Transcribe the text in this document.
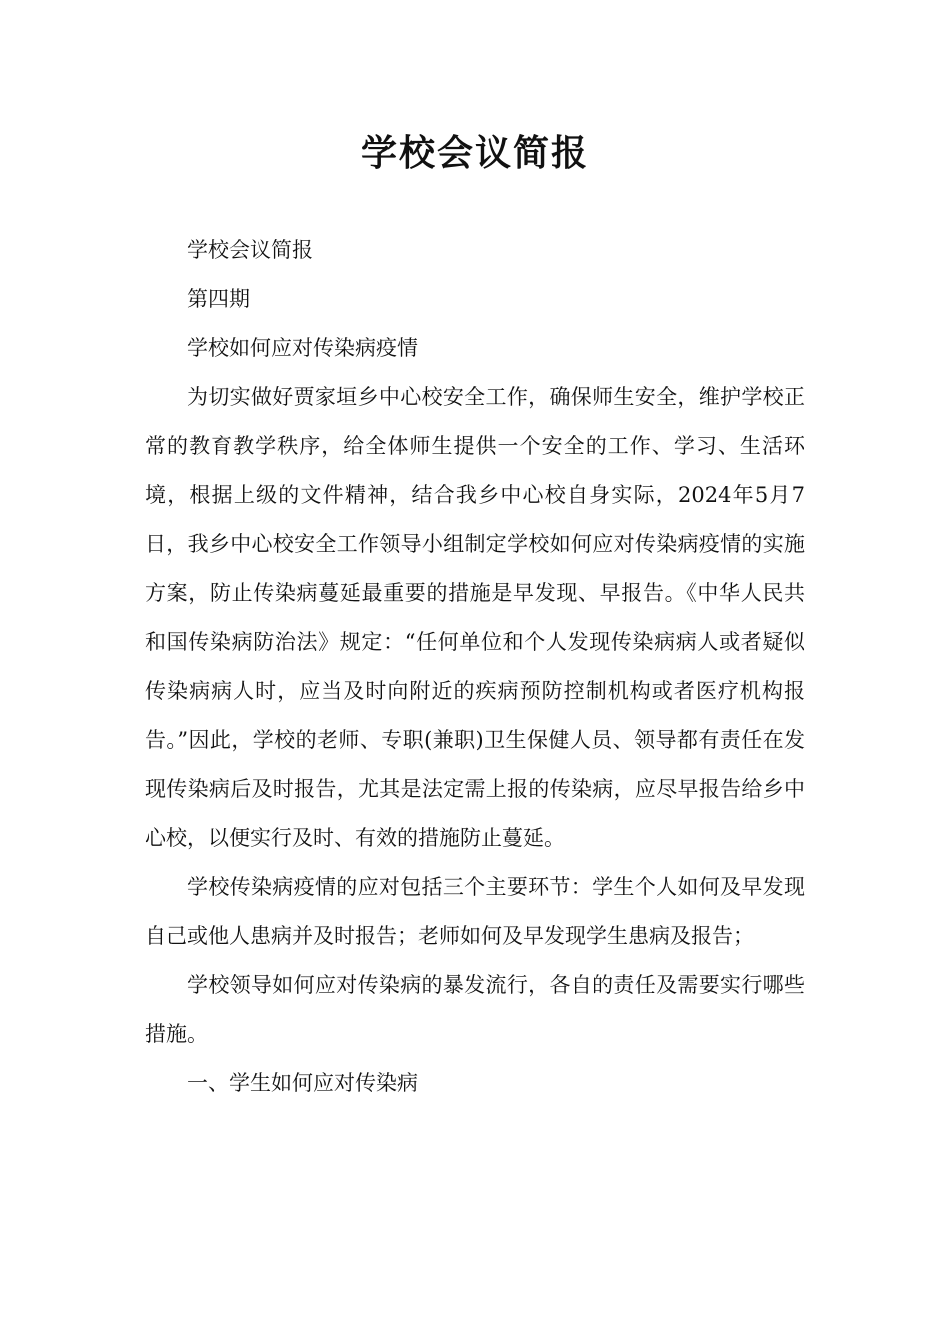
学校会议简报

学校会议简报

第四期

学校如何应对传染病疫情

为切实做好贾家垣乡中心校安全工作，确保师生安全，维护学校正常的教育教学秩序，给全体师生提供一个安全的工作、学习、生活环境，根据上级的文件精神，结合我乡中心校自身实际，2024年5月7日，我乡中心校安全工作领导小组制定学校如何应对传染病疫情的实施方案，防止传染病蔓延最重要的措施是早发现、早报告。《中华人民共和国传染病防治法》规定：“任何单位和个人发现传染病病人或者疑似传染病病人时，应当及时向附近的疾病预防控制机构或者医疗机构报告。”因此，学校的老师、专职(兼职)卫生保健人员、领导都有责任在发现传染病后及时报告，尤其是法定需上报的传染病，应尽早报告给乡中心校，以便实行及时、有效的措施防止蔓延。

学校传染病疫情的应对包括三个主要环节：学生个人如何及早发现自己或他人患病并及时报告；老师如何及早发现学生患病及报告；

学校领导如何应对传染病的暴发流行，各自的责任及需要实行哪些措施。

一、学生如何应对传染病
